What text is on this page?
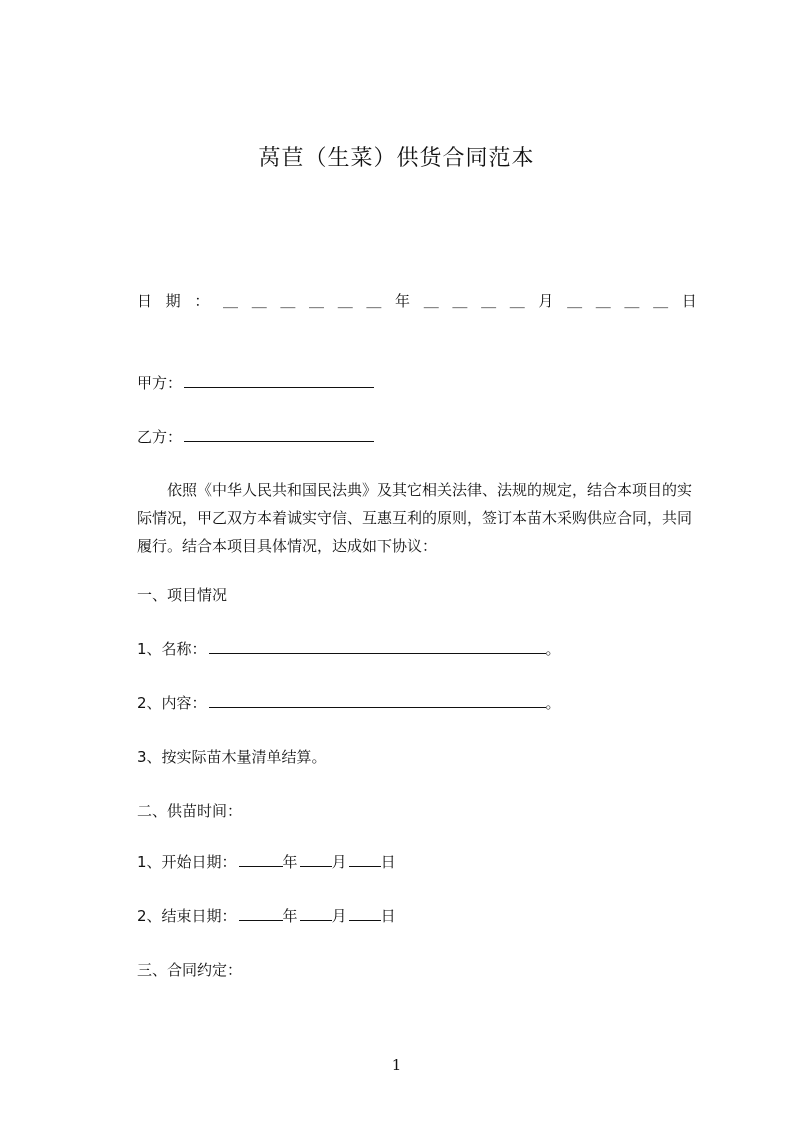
莴苣（生菜）供货合同范本
日 期 ： ＿ ＿ ＿ ＿ ＿ ＿ 年 ＿ ＿ ＿ ＿ 月 ＿ ＿ ＿ ＿ 日
甲方：
乙方：
依照《中华人民共和国民法典》及其它相关法律、法规的规定，结合本项目的实
际情况，甲乙双方本着诚实守信、互惠互利的原则，签订本苗木采购供应合同，共同
履行。结合本项目具体情况，达成如下协议：
一、项目情况
1、名称：	。
2、内容：	。
3、按实际苗木量清单结算。
二、供苗时间：
1、开始日期：	年 月 日
2、结束日期：	年 月 日
三、合同约定：
1
